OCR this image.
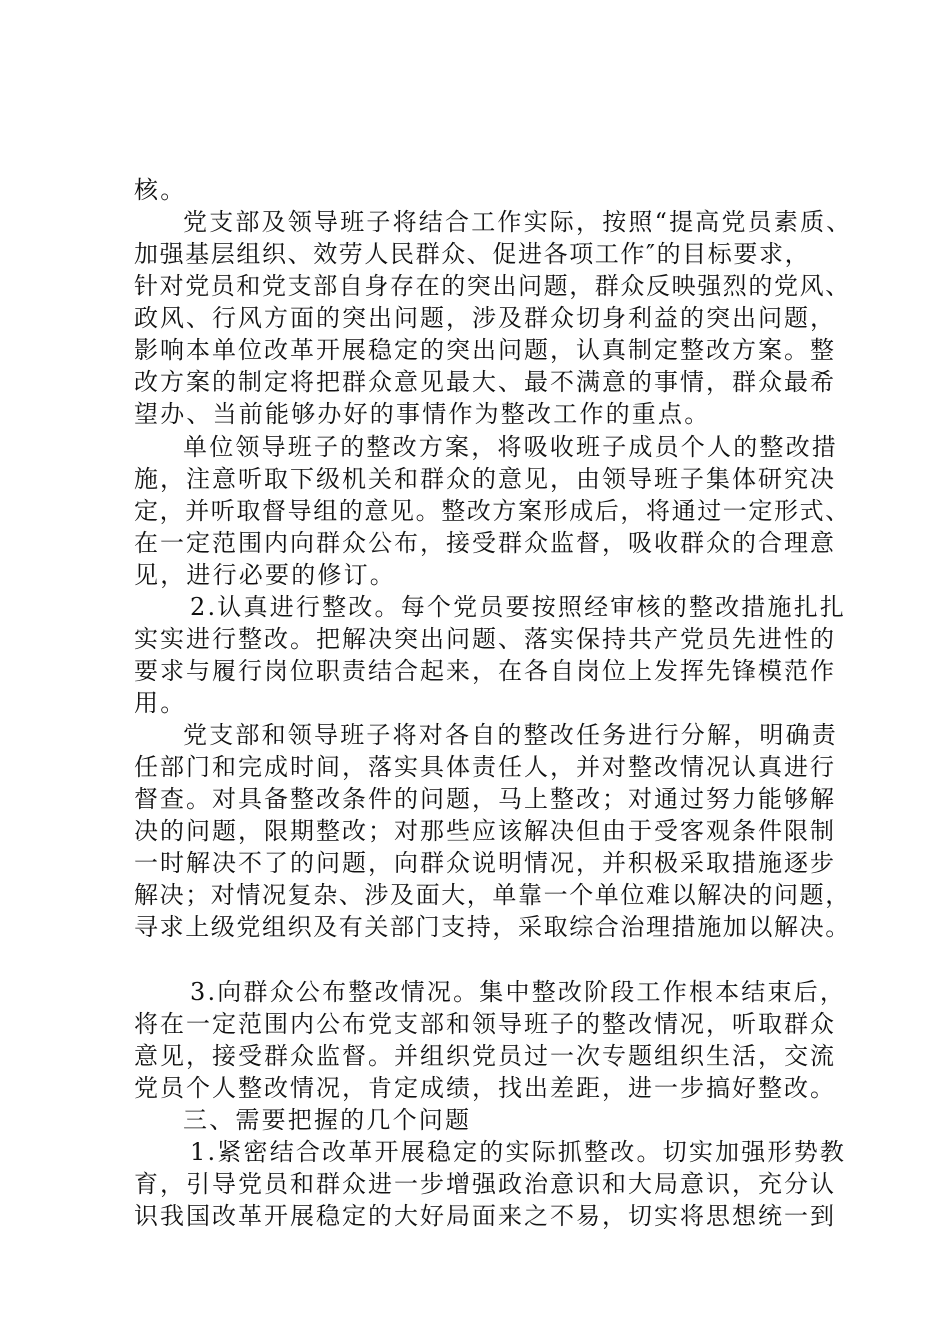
核。
党支部及领导班子将结合工作实际，按照“提高党员素质、
加强基层组织、效劳人民群众、促进各项工作″的目标要求，
针对党员和党支部自身存在的突出问题，群众反映强烈的党风、
政风、行风方面的突出问题，涉及群众切身利益的突出问题，
影响本单位改革开展稳定的突出问题，认真制定整改方案。整
改方案的制定将把群众意见最大、最不满意的事情，群众最希
望办、当前能够办好的事情作为整改工作的重点。
单位领导班子的整改方案，将吸收班子成员个人的整改措
施，注意听取下级机关和群众的意见，由领导班子集体研究决
定，并听取督导组的意见。整改方案形成后，将通过一定形式、
在一定范围内向群众公布，接受群众监督，吸收群众的合理意
见，进行必要的修订。
2.认真进行整改。每个党员要按照经审核的整改措施扎扎
实实进行整改。把解决突出问题、落实保持共产党员先进性的
要求与履行岗位职责结合起来，在各自岗位上发挥先锋模范作
用。
党支部和领导班子将对各自的整改任务进行分解，明确责
任部门和完成时间，落实具体责任人，并对整改情况认真进行
督查。对具备整改条件的问题，马上整改；对通过努力能够解
决的问题，限期整改；对那些应该解决但由于受客观条件限制
一时解决不了的问题，向群众说明情况，并积极采取措施逐步
解决；对情况复杂、涉及面大，单靠一个单位难以解决的问题，
寻求上级党组织及有关部门支持，采取综合治理措施加以解决。
3.向群众公布整改情况。集中整改阶段工作根本结束后，
将在一定范围内公布党支部和领导班子的整改情况，听取群众
意见，接受群众监督。并组织党员过一次专题组织生活，交流
党员个人整改情况，肯定成绩，找出差距，进一步搞好整改。
三、需要把握的几个问题
1.紧密结合改革开展稳定的实际抓整改。切实加强形势教
育，引导党员和群众进一步增强政治意识和大局意识，充分认
识我国改革开展稳定的大好局面来之不易，切实将思想统一到
